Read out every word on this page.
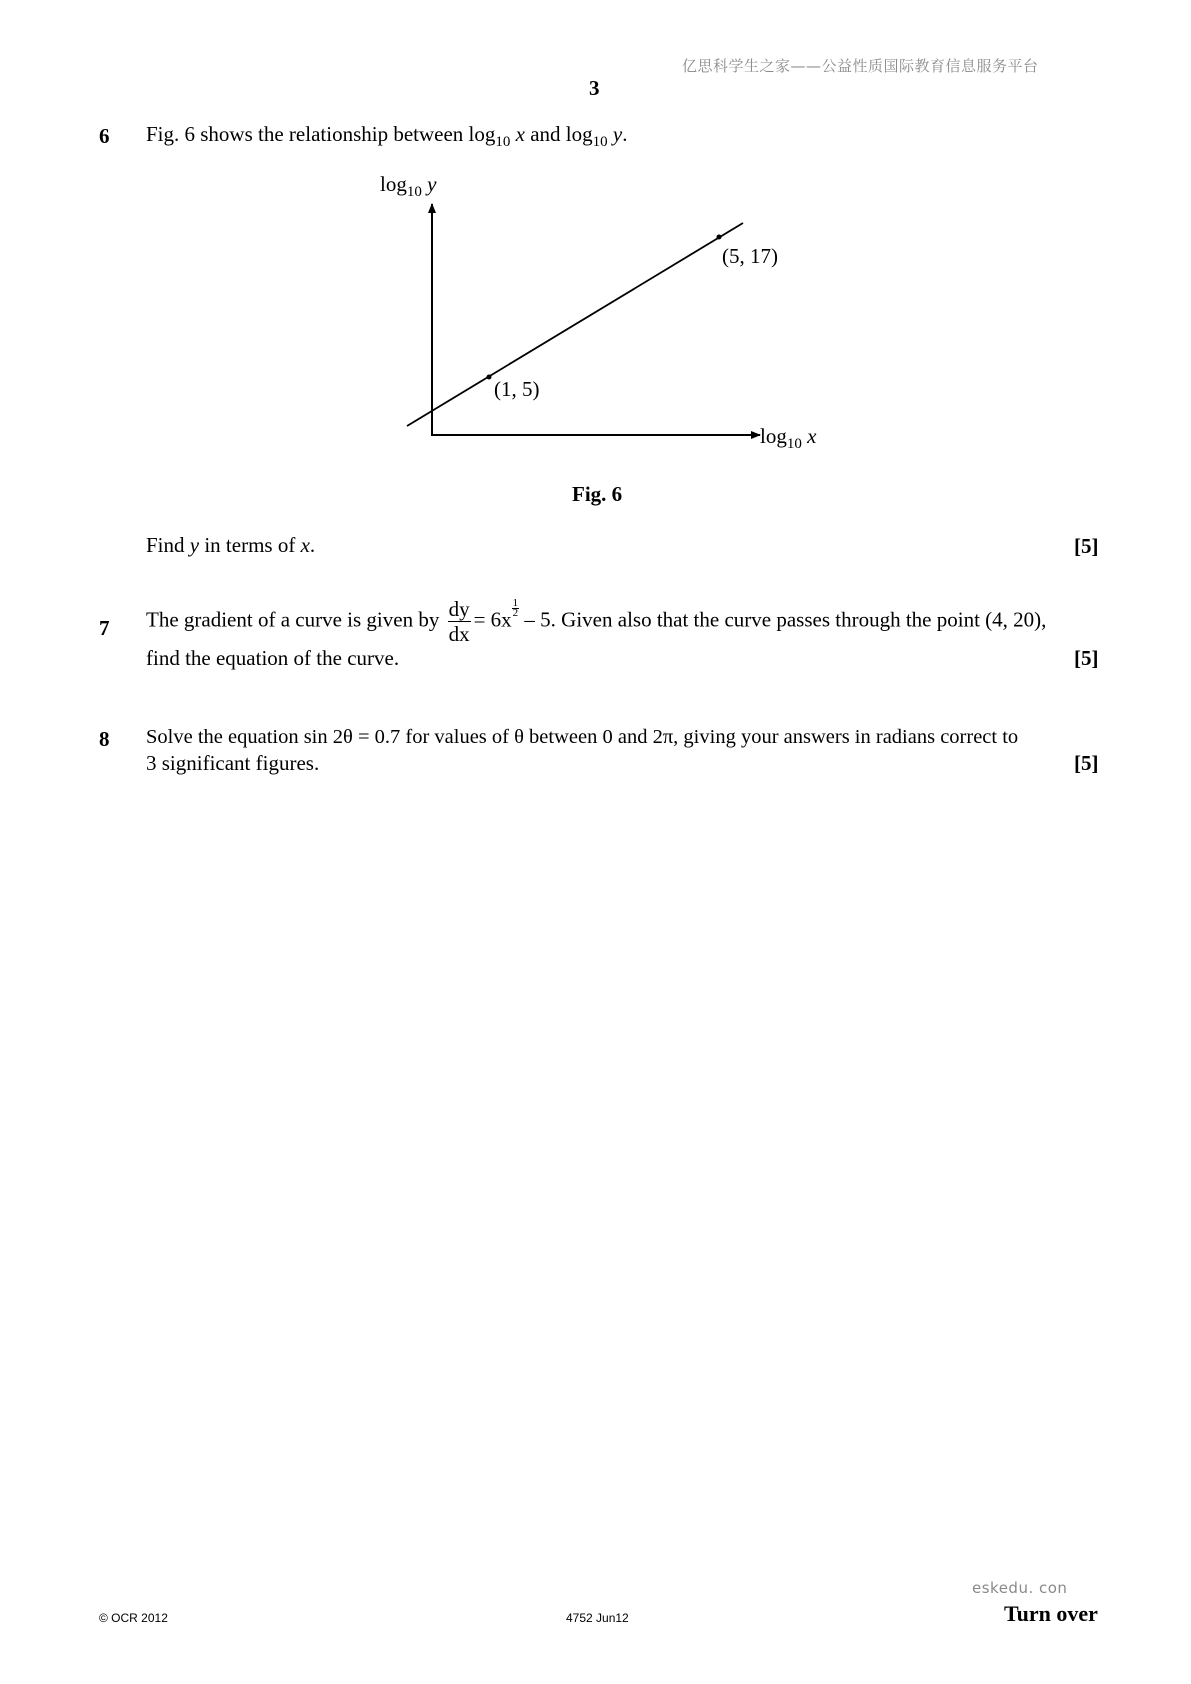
亿思科学生之家——公益性质国际教育信息服务平台
3
6 Fig. 6 shows the relationship between $\log_{10} x$ and $\log_{10} y$.
$\log_{10} y$
$\log_{10} x$
(1, 5)
(5, 17)
Fig. 6
Find y in terms of x.	[5]
7 The gradient of a curve is given by $\frac{dy}{dx} = 6x \frac{1}{2} - 5$. Given also that the curve passes through the point (4, 20),
find the equation of the curve.	[5]
8 Solve the equation sin 2θ = 0.7 for values of θ between 0 and 2π, giving your answers in radians correct to
3 significant figures.	[5]
eskedu. con
© OCR 2012	4752 Jun12	Turn over
